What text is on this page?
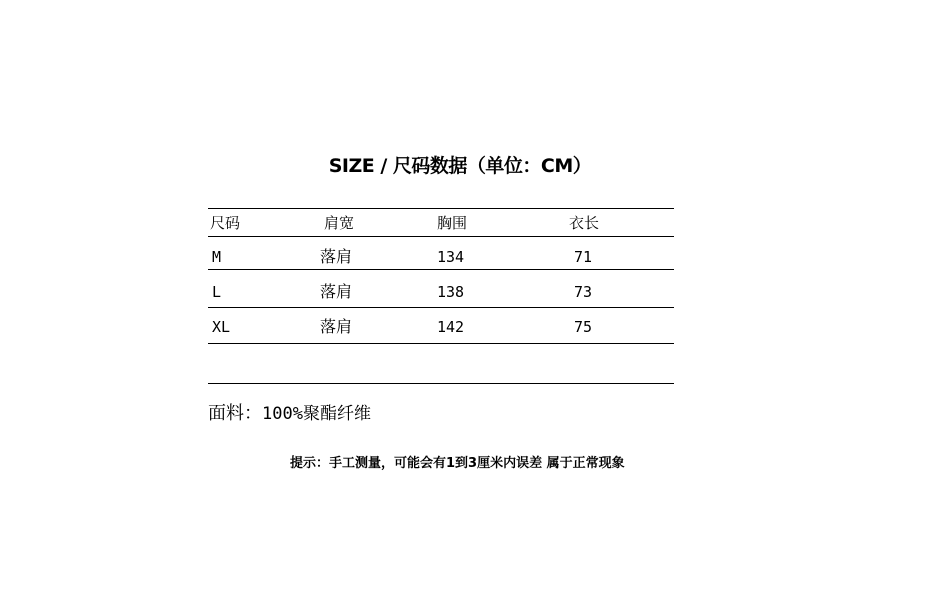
SIZE / 尺码数据（单位：CM）
尺码	肩宽	胸围	衣长
M	落肩	134	71
L	落肩	138	73
XL	落肩	142	75
面料：100%聚酯纤维
提示：手工测量，可能会有1到3厘米内误差 属于正常现象
